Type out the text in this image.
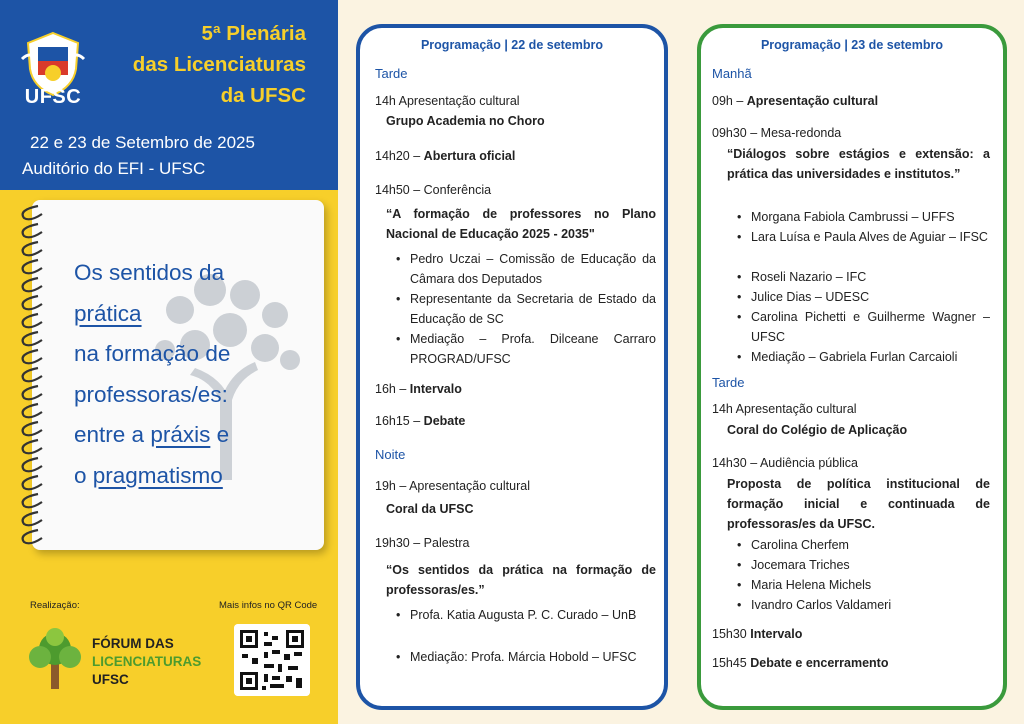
UFSC
5ª Plenária
das Licenciaturas
da UFSC
22 e 23 de Setembro de 2025
Auditório do EFI - UFSC
Os sentidos da
prática
na formação de
professoras/es:
entre a práxis e
o pragmatismo
Realização:	Mais infos no QR Code
FÓRUM DAS
LICENCIATURAS
UFSC
Programação | 22 de setembro
Tarde
14h Apresentação cultural
Grupo Academia no Choro
14h20 – Abertura oficial
14h50 – Conferência
“A formação de professores no Plano Nacional de Educação 2025 - 2035"
• Pedro Uczai – Comissão de Educação da Câmara dos Deputados
• Representante da Secretaria de Estado da Educação de SC
• Mediação – Profa. Dilceane Carraro PROGRAD/UFSC
16h – Intervalo
16h15 – Debate
Noite
19h – Apresentação cultural
Coral da UFSC
19h30 – Palestra
“Os sentidos da prática na formação de professoras/es.”
• Profa. Katia Augusta P. C. Curado – UnB
• Mediação: Profa. Márcia Hobold – UFSC
Programação | 23 de setembro
Manhã
09h – Apresentação cultural
09h30 – Mesa-redonda
“Diálogos sobre estágios e extensão: a prática das universidades e institutos.”
• Morgana Fabiola Cambrussi – UFFS
• Lara Luísa e Paula Alves de Aguiar – IFSC
• Roseli Nazario – IFC
• Julice Dias – UDESC
• Carolina Pichetti e Guilherme Wagner – UFSC
• Mediação – Gabriela Furlan Carcaioli
Tarde
14h Apresentação cultural
Coral do Colégio de Aplicação
14h30 – Audiência pública
Proposta de política institucional de formação inicial e continuada de professoras/es da UFSC.
• Carolina Cherfem
• Jocemara Triches
• Maria Helena Michels
• Ivandro Carlos Valdameri
15h30 Intervalo
15h45 Debate e encerramento
